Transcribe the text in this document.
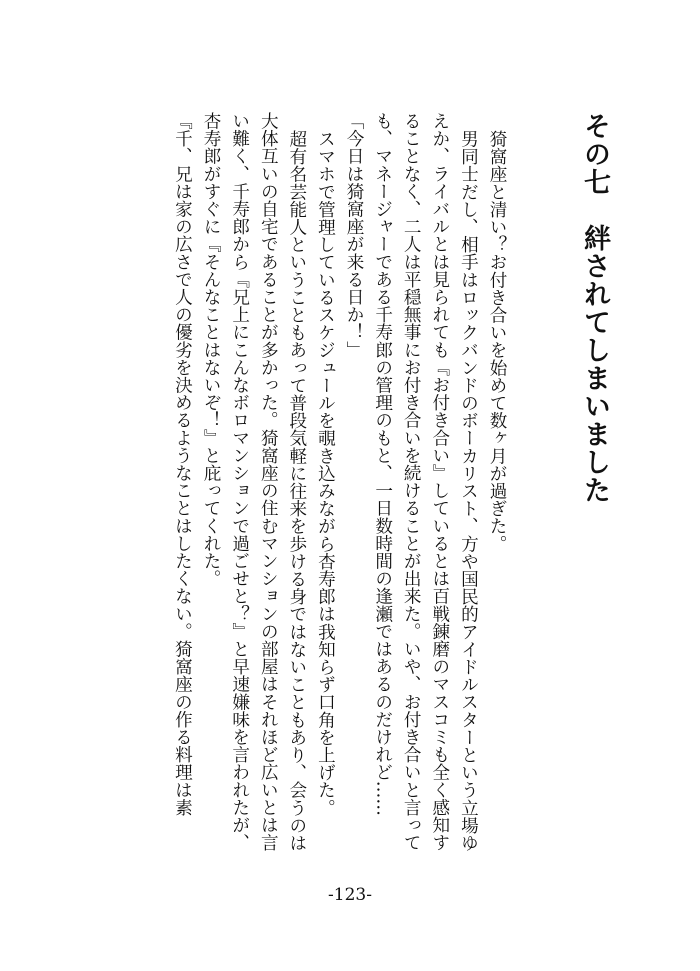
その七　絆されてしまいました

猗窩座と清い？お付き合いを始めて数ヶ月が過ぎた。

男同士だし、相手はロックバンドのボーカリスト、方や国民的アイドルスターという立場ゆえか、ライバルとは見られても『お付き合い』しているとは百戦錬磨のマスコミも全く感知することなく、二人は平穏無事にお付き合いを続けることが出来た。いや、お付き合いと言っても、マネージャーである千寿郎の管理のもと、一日数時間の逢瀬ではあるのだけれど……

「今日は猗窩座が来る日か！」

スマホで管理しているスケジュールを覗き込みながら杏寿郎は我知らず口角を上げた。

超有名芸能人ということもあって普段気軽に往来を歩ける身ではないこともあり、会うのは大体互いの自宅であることが多かった。猗窩座の住むマンションの部屋はそれほど広いとは言い難く、千寿郎から『兄上にこんなボロマンションで過ごせと？』と早速嫌味を言われたが、杏寿郎がすぐに『そんなことはないぞ！』と庇ってくれた。

『千、兄は家の広さで人の優劣を決めるようなことはしたくない。猗窩座の作る料理は素

-123-
